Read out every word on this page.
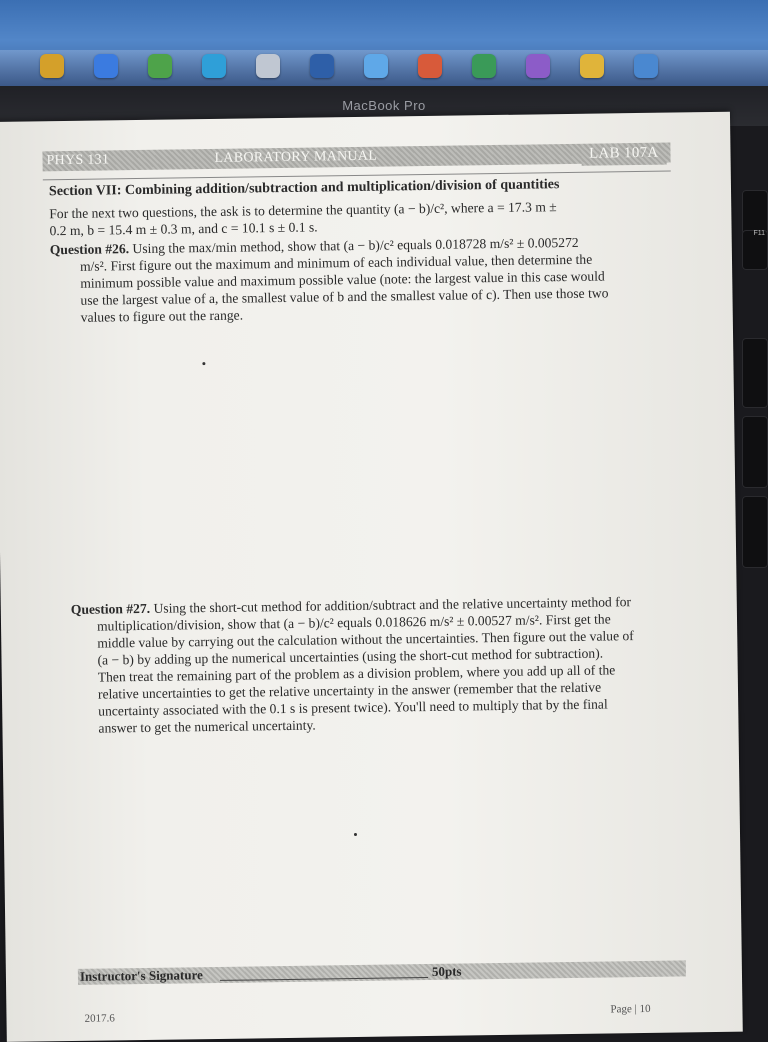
MacBook Pro
F11
PHYS 131	LABORATORY MANUAL	LAB 107A
Section VII: Combining addition/subtraction and multiplication/division of quantities
For the next two questions, the ask is to determine the quantity (a − b)/c², where a = 17.3 m ±
0.2 m, b = 15.4 m ± 0.3 m, and c = 10.1 s ± 0.1 s.
Question #26. Using the max/min method, show that (a − b)/c² equals 0.018728 m/s² ± 0.005272
m/s². First figure out the maximum and minimum of each individual value, then determine the
minimum possible value and maximum possible value (note: the largest value in this case would
use the largest value of a, the smallest value of b and the smallest value of c). Then use those two
values to figure out the range.
Question #27. Using the short-cut method for addition/subtract and the relative uncertainty method for
multiplication/division, show that (a − b)/c² equals 0.018626 m/s² ± 0.00527 m/s². First get the
middle value by carrying out the calculation without the uncertainties. Then figure out the value of
(a − b) by adding up the numerical uncertainties (using the short-cut method for subtraction).
Then treat the remaining part of the problem as a division problem, where you add up all of the
relative uncertainties to get the relative uncertainty in the answer (remember that the relative
uncertainty associated with the 0.1 s is present twice). You'll need to multiply that by the final
answer to get the numerical uncertainty.
Instructor's Signature	50pts
2017.6
Page | 10
